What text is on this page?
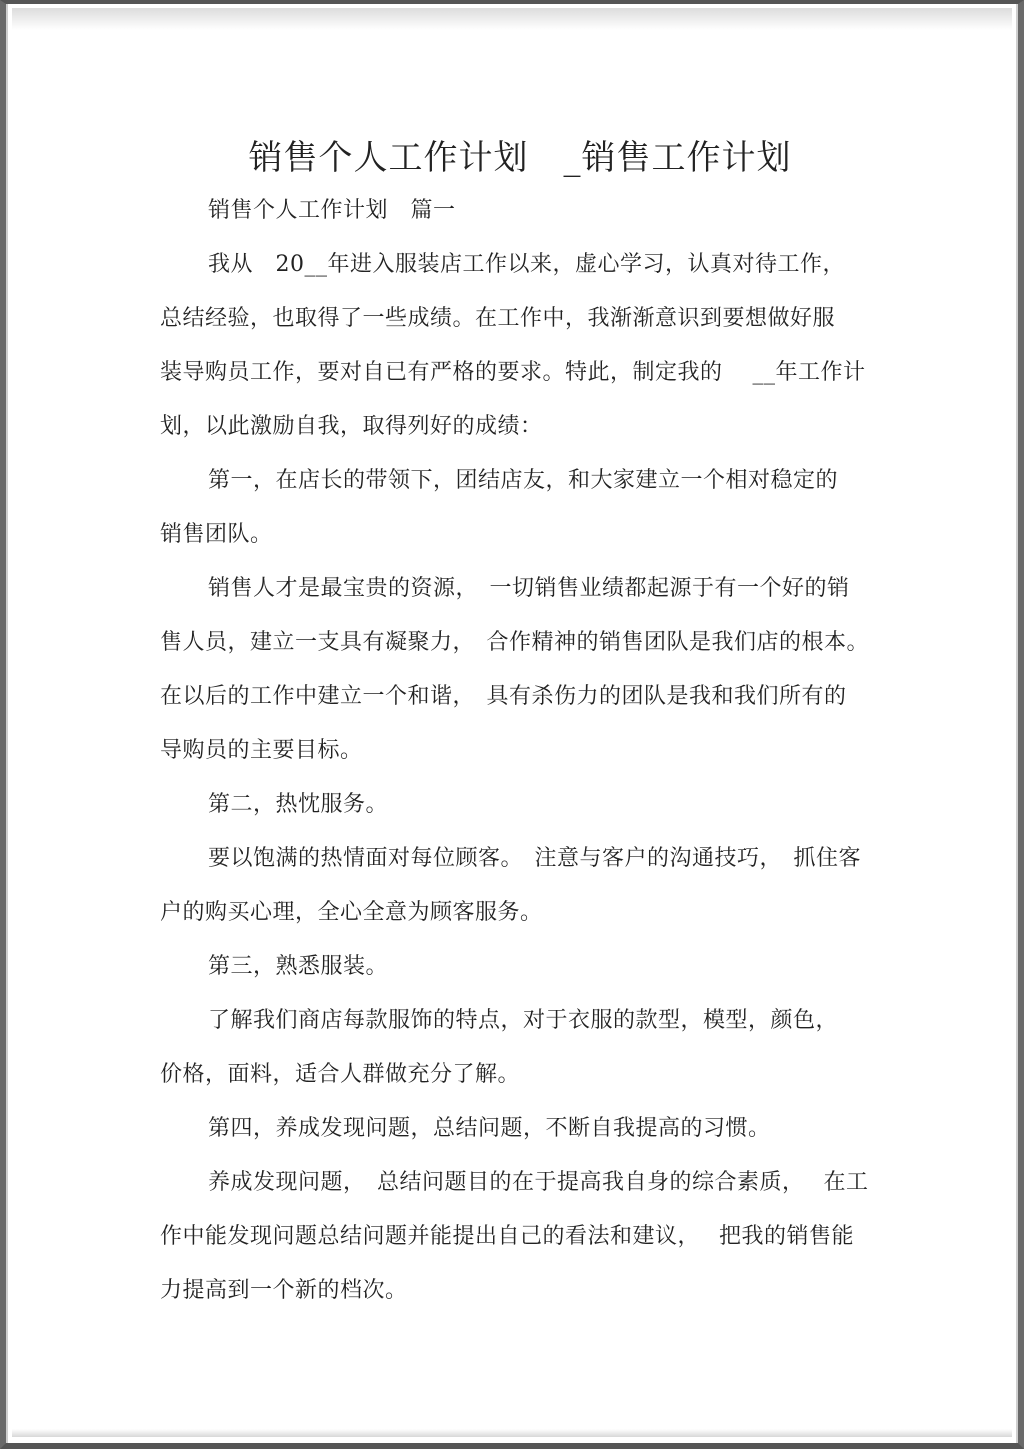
销售个人工作计划　_销售工作计划
销售个人工作计划　篇一
我从　20__年进入服装店工作以来，虚心学习，认真对待工作，
总结经验，也取得了一些成绩。在工作中，我渐渐意识到要想做好服
装导购员工作，要对自已有严格的要求。特此，制定我的　 __年工作计
划，以此激励自我，取得列好的成绩：
第一，在店长的带领下，团结店友，和大家建立一个相对稳定的
销售团队。
销售人才是最宝贵的资源，　一切销售业绩都起源于有一个好的销
售人员，建立一支具有凝聚力，　合作精神的销售团队是我们店的根本。
在以后的工作中建立一个和谐，　具有杀伤力的团队是我和我们所有的
导购员的主要目标。
第二，热忱服务。
要以饱满的热情面对每位顾客。　注意与客户的沟通技巧，　抓住客
户的购买心理，全心全意为顾客服务。
第三，熟悉服装。
了解我们商店每款服饰的特点，对于衣服的款型，模型，颜色，
价格，面料，适合人群做充分了解。
第四，养成发现问题，总结问题，不断自我提高的习惯。
养成发现问题，　总结问题目的在于提高我自身的综合素质，　 在工
作中能发现问题总结问题并能提出自己的看法和建议，　 把我的销售能
力提高到一个新的档次。
